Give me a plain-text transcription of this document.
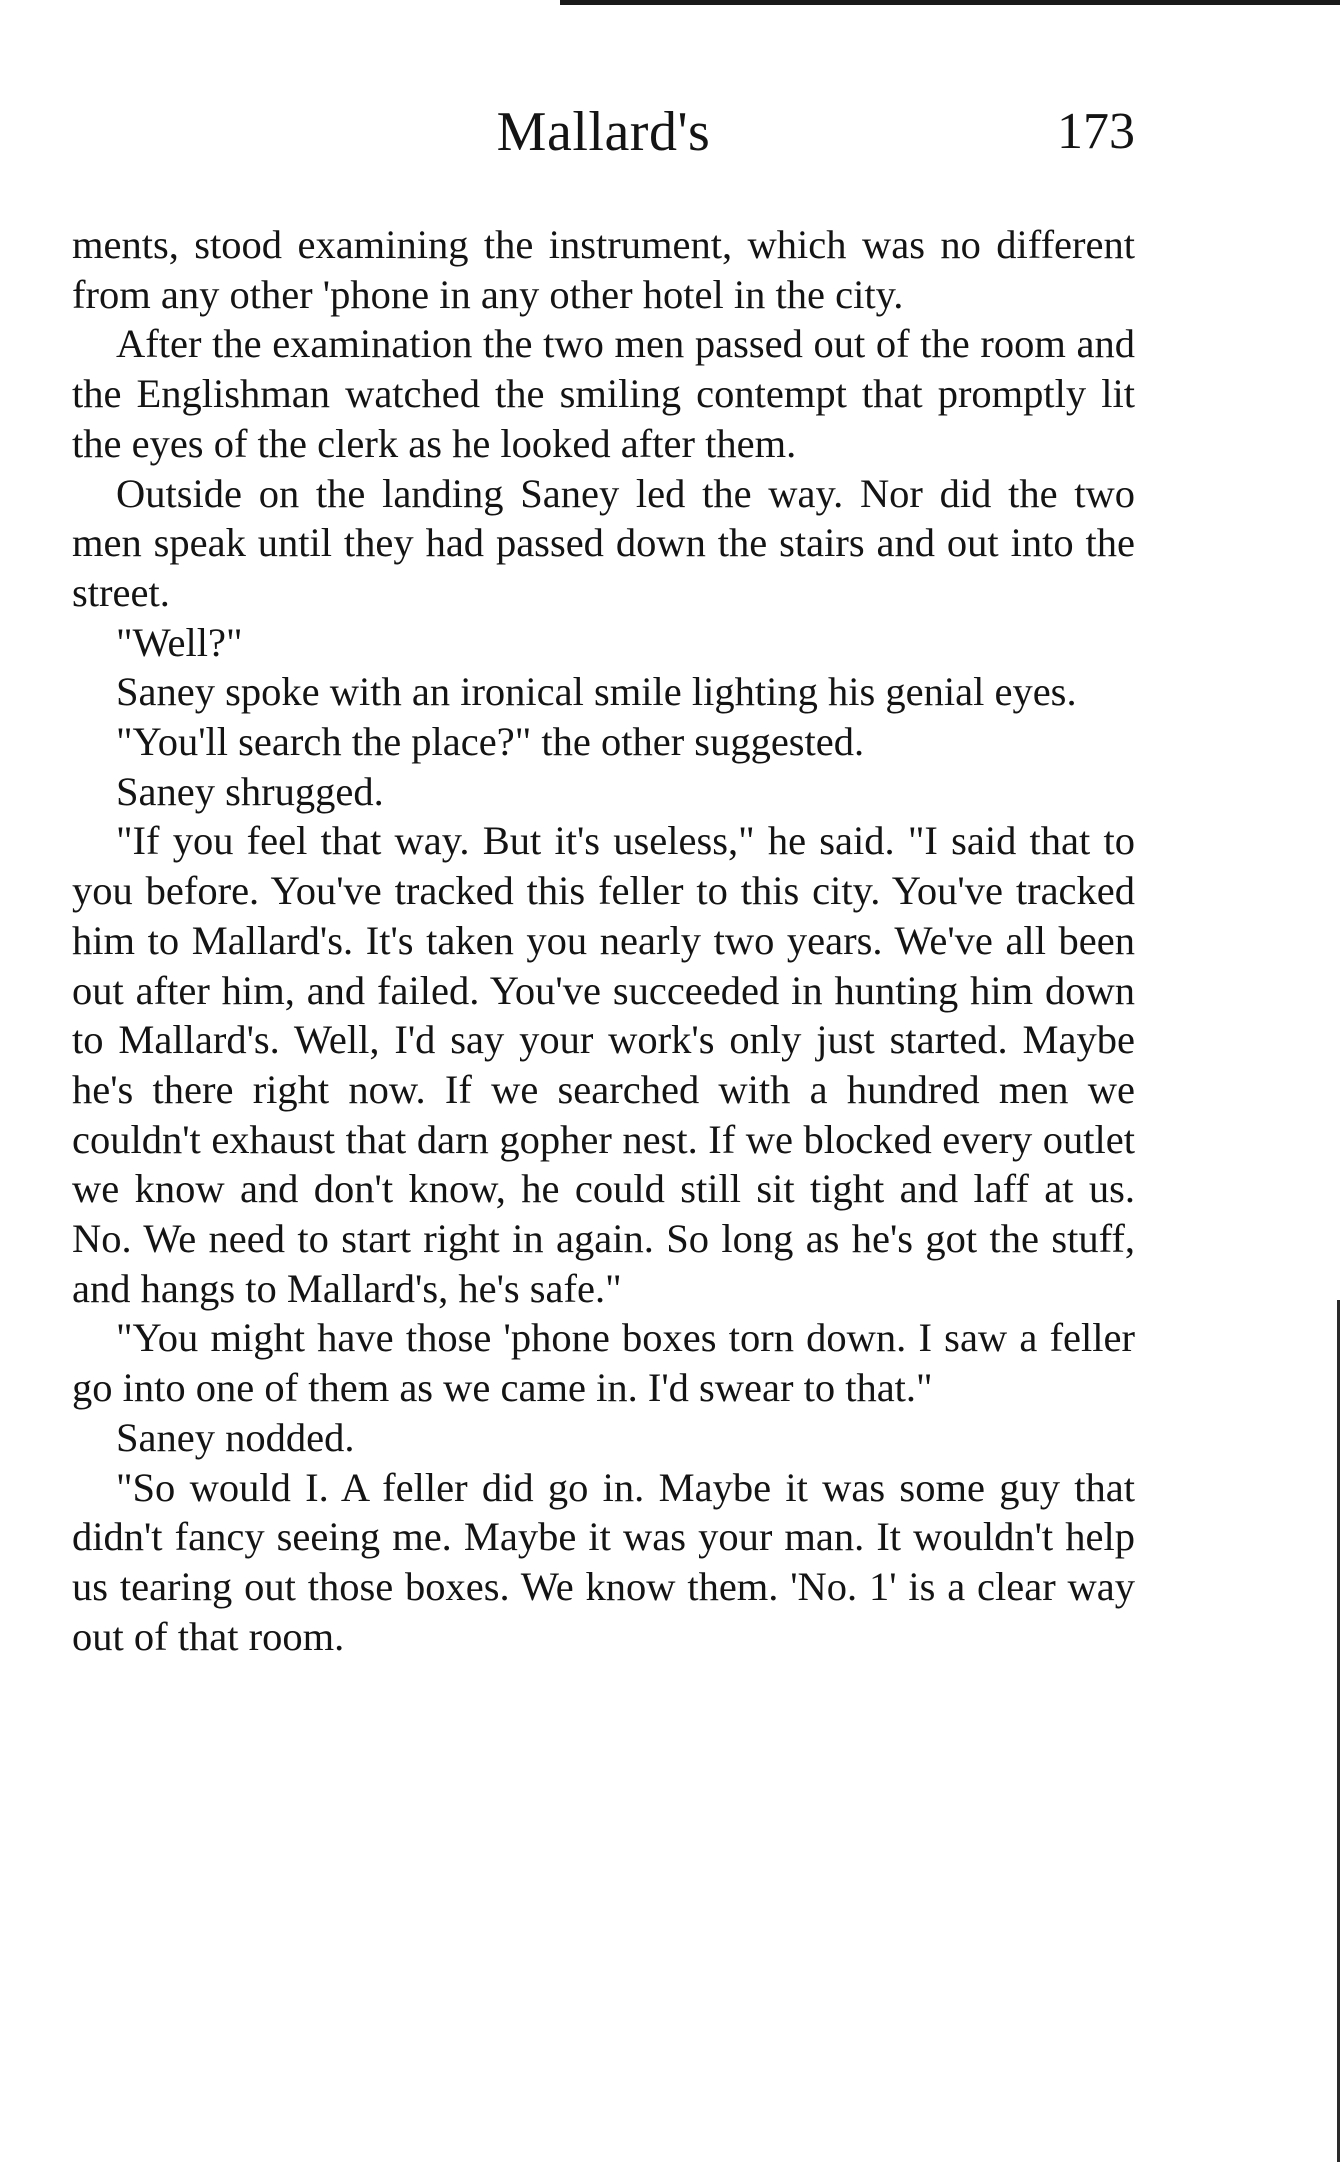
Mallard's	173

ments, stood examining the instrument, which was no different from any other 'phone in any other hotel in the city.

After the examination the two men passed out of the room and the Englishman watched the smiling contempt that promptly lit the eyes of the clerk as he looked after them.

Outside on the landing Saney led the way. Nor did the two men speak until they had passed down the stairs and out into the street.

"Well?"

Saney spoke with an ironical smile lighting his genial eyes.

"You'll search the place?" the other suggested.

Saney shrugged.

"If you feel that way. But it's useless," he said. "I said that to you before. You've tracked this feller to this city. You've tracked him to Mallard's. It's taken you nearly two years. We've all been out after him, and failed. You've succeeded in hunting him down to Mallard's. Well, I'd say your work's only just started. Maybe he's there right now. If we searched with a hundred men we couldn't exhaust that darn gopher nest. If we blocked every outlet we know and don't know, he could still sit tight and laff at us. No. We need to start right in again. So long as he's got the stuff, and hangs to Mallard's, he's safe."

"You might have those 'phone boxes torn down. I saw a feller go into one of them as we came in. I'd swear to that."

Saney nodded.

"So would I. A feller did go in. Maybe it was some guy that didn't fancy seeing me. Maybe it was your man. It wouldn't help us tearing out those boxes. We know them. 'No. 1' is a clear way out of that room.
